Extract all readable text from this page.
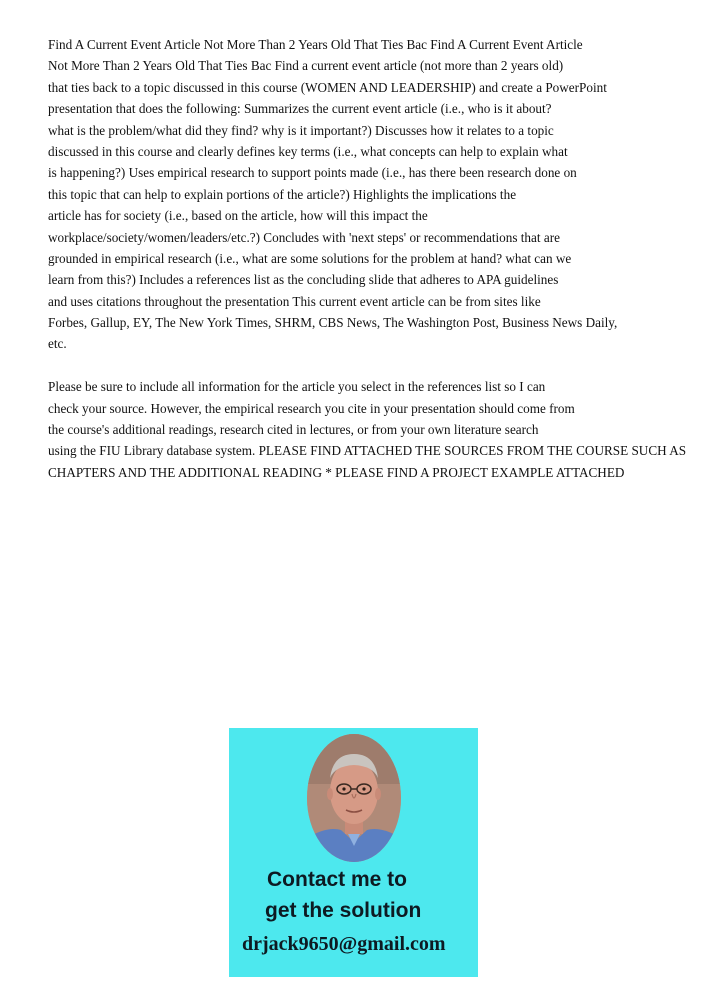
Find A Current Event Article Not More Than 2 Years Old That Ties Bac Find A Current Event Article
Not More Than 2 Years Old That Ties Bac Find a current event article (not more than 2 years old)
that ties back to a topic discussed in this course (WOMEN AND LEADERSHIP) and create a PowerPoint
presentation that does the following: Summarizes the current event article (i.e., who is it about?
what is the problem/what did they find? why is it important?) Discusses how it relates to a topic
discussed in this course and clearly defines key terms (i.e., what concepts can help to explain what
is happening?) Uses empirical research to support points made (i.e., has there been research done on
this topic that can help to explain portions of the article?) Highlights the implications the
article has for society (i.e., based on the article, how will this impact the
workplace/society/women/leaders/etc.?) Concludes with 'next steps' or recommendations that are
grounded in empirical research (i.e., what are some solutions for the problem at hand? what can we
learn from this?) Includes a references list as the concluding slide that adheres to APA guidelines
and uses citations throughout the presentation This current event article can be from sites like
Forbes, Gallup, EY, The New York Times, SHRM, CBS News, The Washington Post, Business News Daily,
etc.
Please be sure to include all information for the article you select in the references list so I can
check your source. However, the empirical research you cite in your presentation should come from
the course's additional readings, research cited in lectures, or from your own literature search
using the FIU Library database system. PLEASE FIND ATTACHED THE SOURCES FROM THE COURSE SUCH AS
CHAPTERS AND THE ADDITIONAL READING * PLEASE FIND A PROJECT EXAMPLE ATTACHED
Contact me to
get the solution
drjack9650@gmail.com
